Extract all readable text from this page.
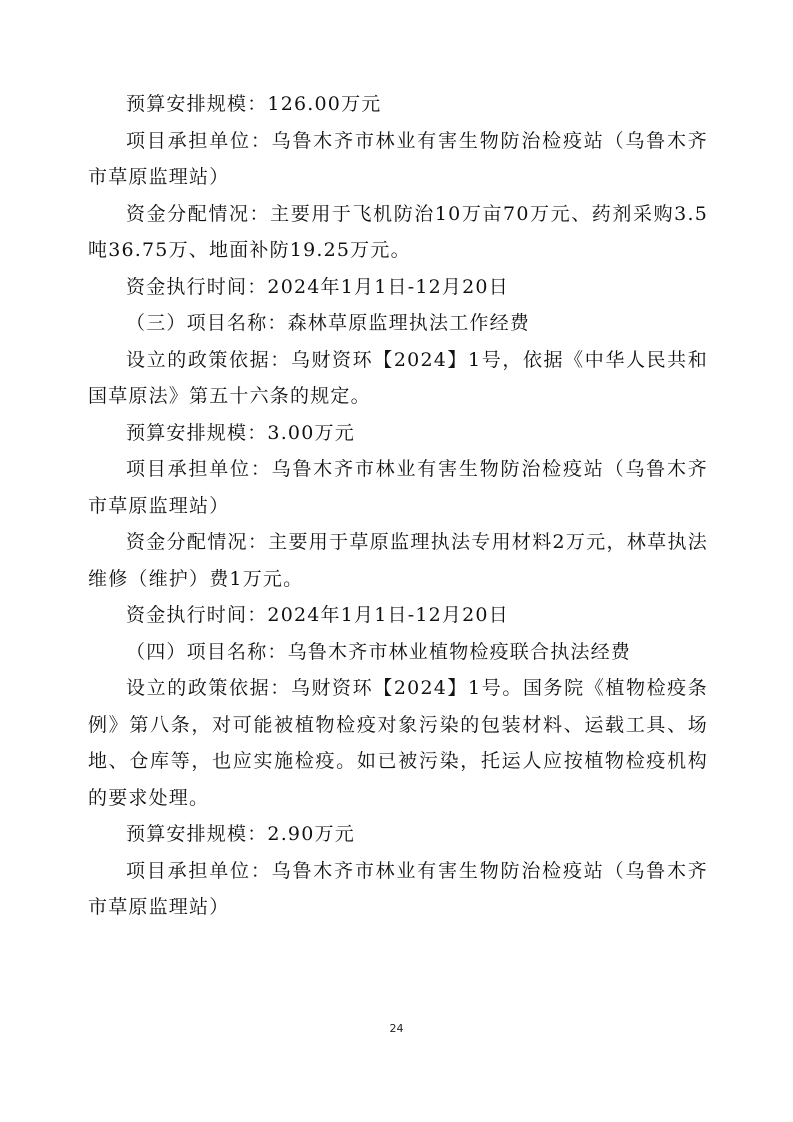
预算安排规模：126.00万元

项目承担单位：乌鲁木齐市林业有害生物防治检疫站（乌鲁木齐市草原监理站）

资金分配情况：主要用于飞机防治10万亩70万元、药剂采购3.5吨36.75万、地面补防19.25万元。

资金执行时间：2024年1月1日-12月20日

（三）项目名称：森林草原监理执法工作经费

设立的政策依据：乌财资环【2024】1号，依据《中华人民共和国草原法》第五十六条的规定。

预算安排规模：3.00万元

项目承担单位：乌鲁木齐市林业有害生物防治检疫站（乌鲁木齐市草原监理站）

资金分配情况：主要用于草原监理执法专用材料2万元，林草执法维修（维护）费1万元。

资金执行时间：2024年1月1日-12月20日

（四）项目名称：乌鲁木齐市林业植物检疫联合执法经费

设立的政策依据：乌财资环【2024】1号。国务院《植物检疫条例》第八条，对可能被植物检疫对象污染的包装材料、运载工具、场地、仓库等，也应实施检疫。如已被污染，托运人应按植物检疫机构的要求处理。

预算安排规模：2.90万元

项目承担单位：乌鲁木齐市林业有害生物防治检疫站（乌鲁木齐市草原监理站）

24
